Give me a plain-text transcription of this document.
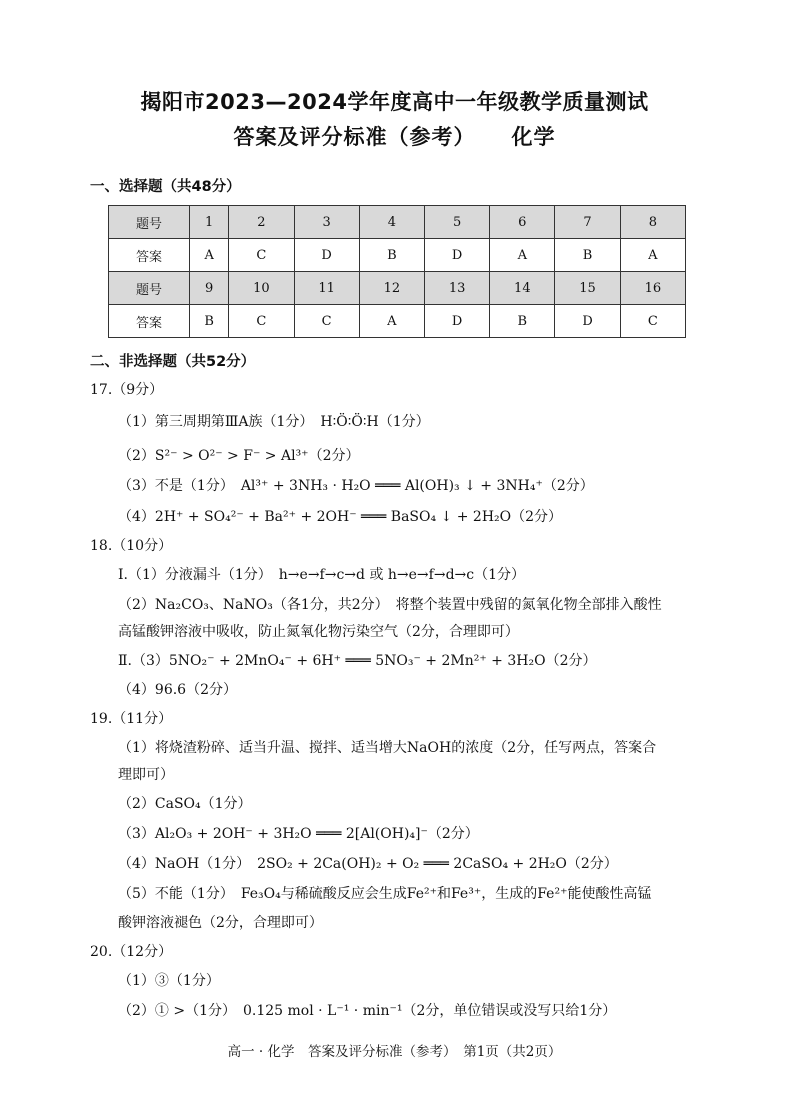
揭阳市2023—2024学年度高中一年级教学质量测试
答案及评分标准（参考） 化学
一、选择题（共48分）
题号	1	2	3	4	5	6	7	8
答案	A	C	D	B	D	A	B	A
题号	9	10	11	12	13	14	15	16
答案	B	C	C	A	D	B	D	C
二、非选择题（共52分）
17.（9分）
（1）第三周期第ⅢA族（1分）　H∶Ö∶Ö∶H（1分）
（2）S²⁻ > O²⁻ > F⁻ > Al³⁺（2分）
（3）不是（1分）　Al³⁺ + 3NH₃ · H₂O ═══ Al(OH)₃ ↓ + 3NH₄⁺（2分）
（4）2H⁺ + SO₄²⁻ + Ba²⁺ + 2OH⁻ ═══ BaSO₄ ↓ + 2H₂O（2分）
18.（10分）
Ⅰ.（1）分液漏斗（1分）　h→e→f→c→d 或 h→e→f→d→c（1分）
（2）Na₂CO₃、NaNO₃（各1分，共2分）　将整个装置中残留的氮氧化物全部排入酸性
高锰酸钾溶液中吸收，防止氮氧化物污染空气（2分，合理即可）
Ⅱ.（3）5NO₂⁻ + 2MnO₄⁻ + 6H⁺ ═══ 5NO₃⁻ + 2Mn²⁺ + 3H₂O（2分）
（4）96.6（2分）
19.（11分）
（1）将烧渣粉碎、适当升温、搅拌、适当增大NaOH的浓度（2分，任写两点，答案合
理即可）
（2）CaSO₄（1分）
（3）Al₂O₃ + 2OH⁻ + 3H₂O ═══ 2[Al(OH)₄]⁻（2分）
（4）NaOH（1分）　2SO₂ + 2Ca(OH)₂ + O₂ ═══ 2CaSO₄ + 2H₂O（2分）
（5）不能（1分）　Fe₃O₄与稀硫酸反应会生成Fe²⁺和Fe³⁺，生成的Fe²⁺能使酸性高锰
酸钾溶液褪色（2分，合理即可）
20.（12分）
（1）③（1分）
（2）① >（1分）　0.125 mol · L⁻¹ · min⁻¹（2分，单位错误或没写只给1分）
高一 · 化学　答案及评分标准（参考）　第1页（共2页）
